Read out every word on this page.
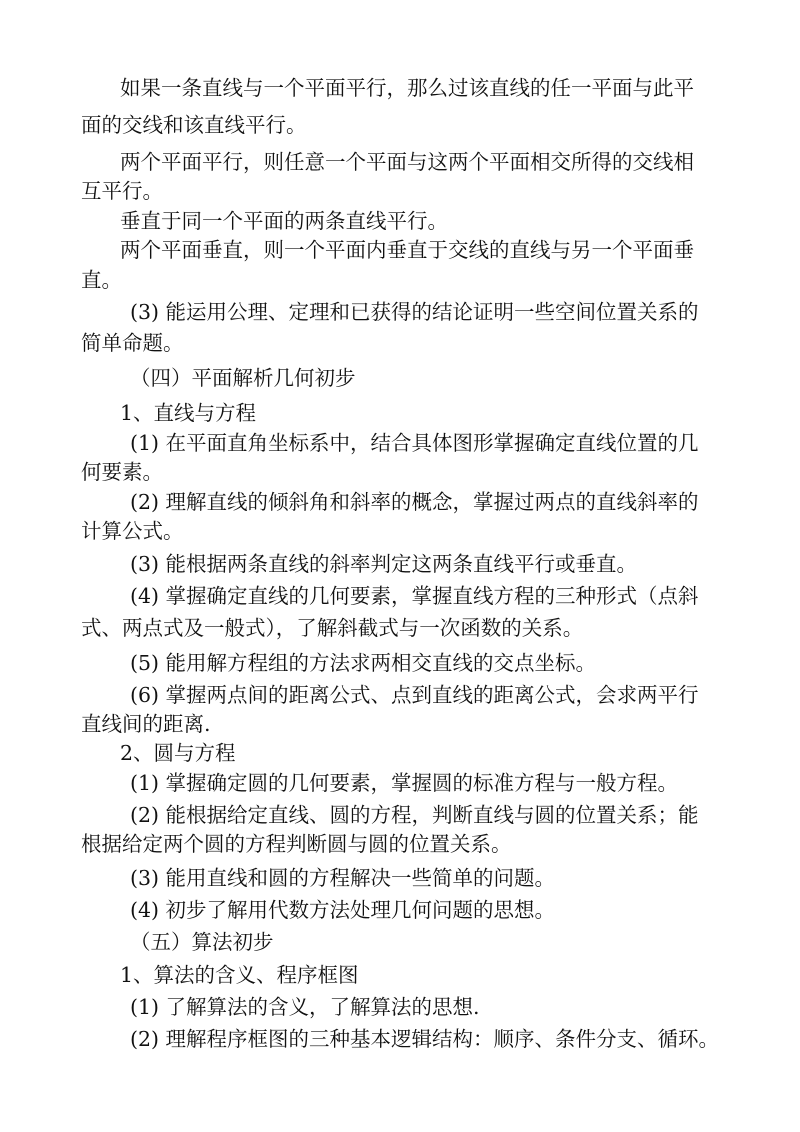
如果一条直线与一个平面平行，那么过该直线的任一平面与此平
面的交线和该直线平行。
两个平面平行，则任意一个平面与这两个平面相交所得的交线相
互平行。
垂直于同一个平面的两条直线平行。
两个平面垂直，则一个平面内垂直于交线的直线与另一个平面垂
直。
(3) 能运用公理、定理和已获得的结论证明一些空间位置关系的
简单命题。
（四）平面解析几何初步
1、直线与方程
(1) 在平面直角坐标系中，结合具体图形掌握确定直线位置的几
何要素。
(2) 理解直线的倾斜角和斜率的概念，掌握过两点的直线斜率的
计算公式。
(3) 能根据两条直线的斜率判定这两条直线平行或垂直。
(4) 掌握确定直线的几何要素，掌握直线方程的三种形式（点斜
式、两点式及一般式），了解斜截式与一次函数的关系。
(5) 能用解方程组的方法求两相交直线的交点坐标。
(6) 掌握两点间的距离公式、点到直线的距离公式，会求两平行
直线间的距离.
2、圆与方程
(1) 掌握确定圆的几何要素，掌握圆的标准方程与一般方程。
(2) 能根据给定直线、圆的方程，判断直线与圆的位置关系；能
根据给定两个圆的方程判断圆与圆的位置关系。
(3) 能用直线和圆的方程解决一些简单的问题。
(4) 初步了解用代数方法处理几何问题的思想。
（五）算法初步
1、算法的含义、程序框图
(1) 了解算法的含义，了解算法的思想.
(2) 理解程序框图的三种基本逻辑结构：顺序、条件分支、循环。
